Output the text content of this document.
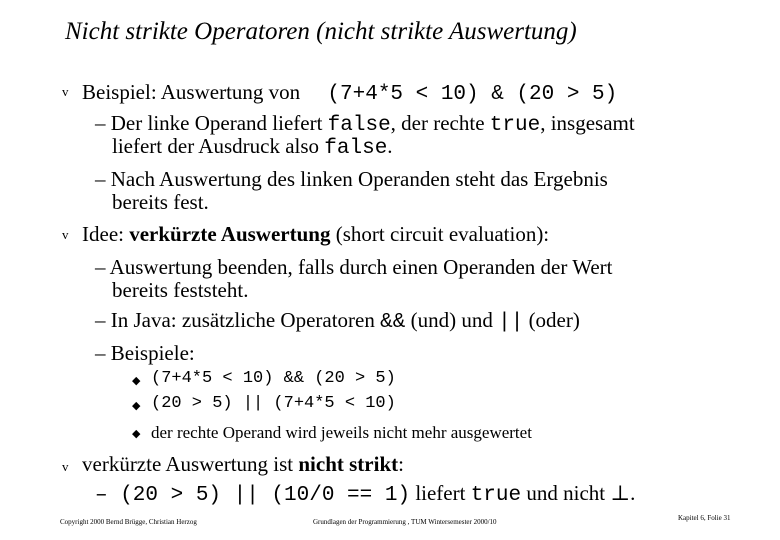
Nicht strikte Operatoren (nicht strikte Auswertung)
v Beispiel: Auswertung von (7+4*5 < 10) & (20 > 5)
– Der linke Operand liefert false, der rechte true, insgesamt
liefert der Ausdruck also false.
– Nach Auswertung des linken Operanden steht das Ergebnis
bereits fest.
v Idee: verkürzte Auswertung (short circuit evaluation):
– Auswertung beenden, falls durch einen Operanden der Wert
bereits feststeht.
– In Java: zusätzliche Operatoren && (und) und || (oder)
– Beispiele:
◆ (7+4*5 < 10) && (20 > 5)
◆ (20 > 5) || (7+4*5 < 10)
◆ der rechte Operand wird jeweils nicht mehr ausgewertet
v verkürzte Auswertung ist nicht strikt:
– (20 > 5) || (10/0 == 1) liefert true und nicht ⊥.
Copyright 2000 Bernd Brügge, Christian Herzog	Grundlagen der Programmierung , TUM Wintersemester 2000/10	Kapitel 6, Folie 31
